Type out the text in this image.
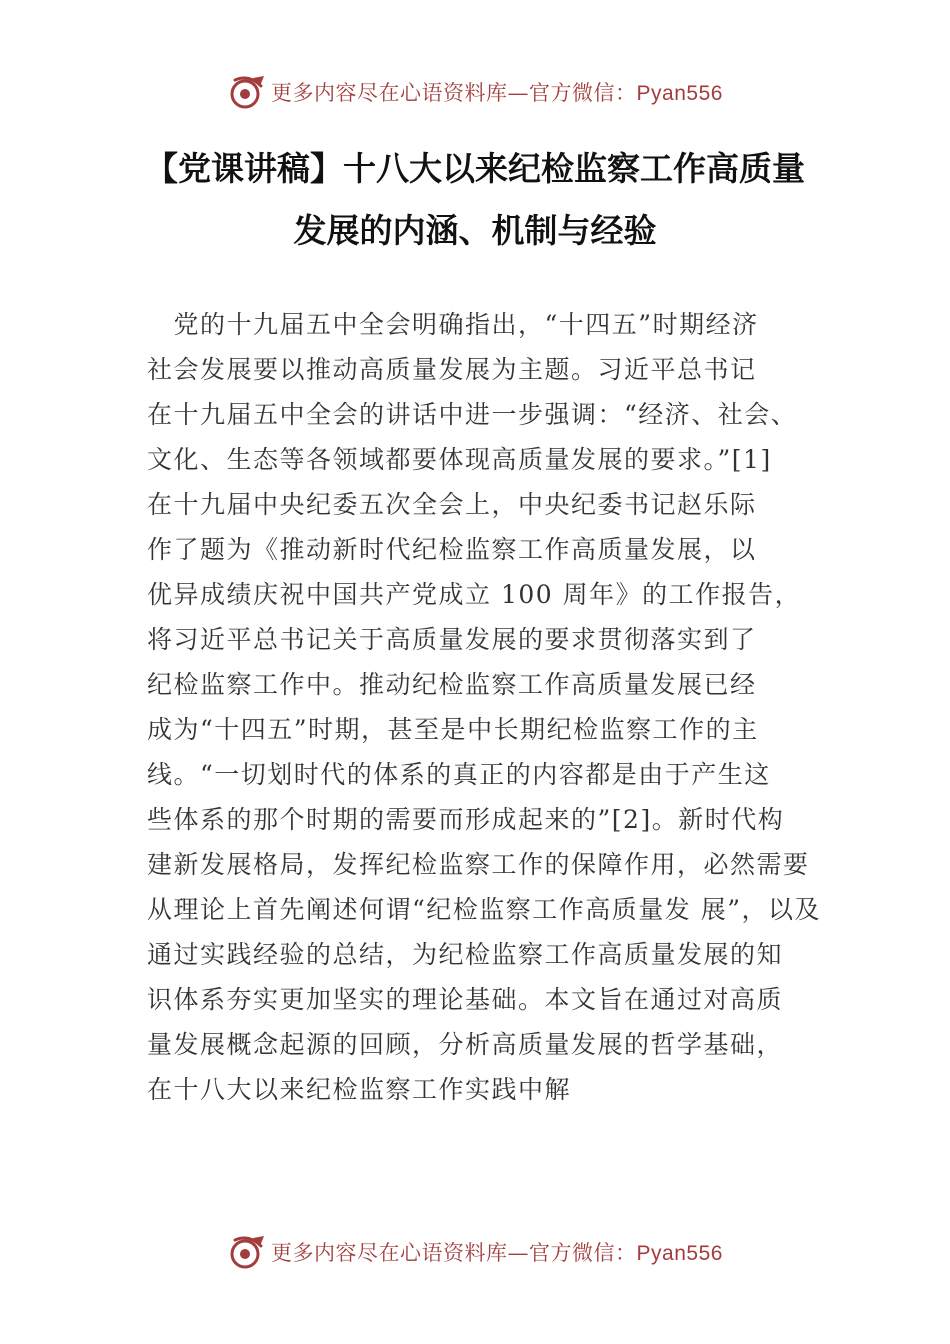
更多内容尽在心语资料库—官方微信：Pyan556
【党课讲稿】十八大以来纪检监察工作高质量
发展的内涵、机制与经验
　党的十九届五中全会明确指出，“十四五”时期经济
社会发展要以推动高质量发展为主题。习近平总书记
在十九届五中全会的讲话中进一步强调：“经济、社会、
文化、生态等各领域都要体现高质量发展的要求。”[1]
在十九届中央纪委五次全会上，中央纪委书记赵乐际
作了题为《推动新时代纪检监察工作高质量发展，以
优异成绩庆祝中国共产党成立 100 周年》的工作报告，
将习近平总书记关于高质量发展的要求贯彻落实到了
纪检监察工作中。推动纪检监察工作高质量发展已经
成为“十四五”时期，甚至是中长期纪检监察工作的主
线。“一切划时代的体系的真正的内容都是由于产生这
些体系的那个时期的需要而形成起来的”[2]。新时代构
建新发展格局，发挥纪检监察工作的保障作用，必然需要
从理论上首先阐述何谓“纪检监察工作高质量发 展”，以及
通过实践经验的总结，为纪检监察工作高质量发展的知
识体系夯实更加坚实的理论基础。本文旨在通过对高质
量发展概念起源的回顾，分析高质量发展的哲学基础，
在十八大以来纪检监察工作实践中解
更多内容尽在心语资料库—官方微信：Pyan556
